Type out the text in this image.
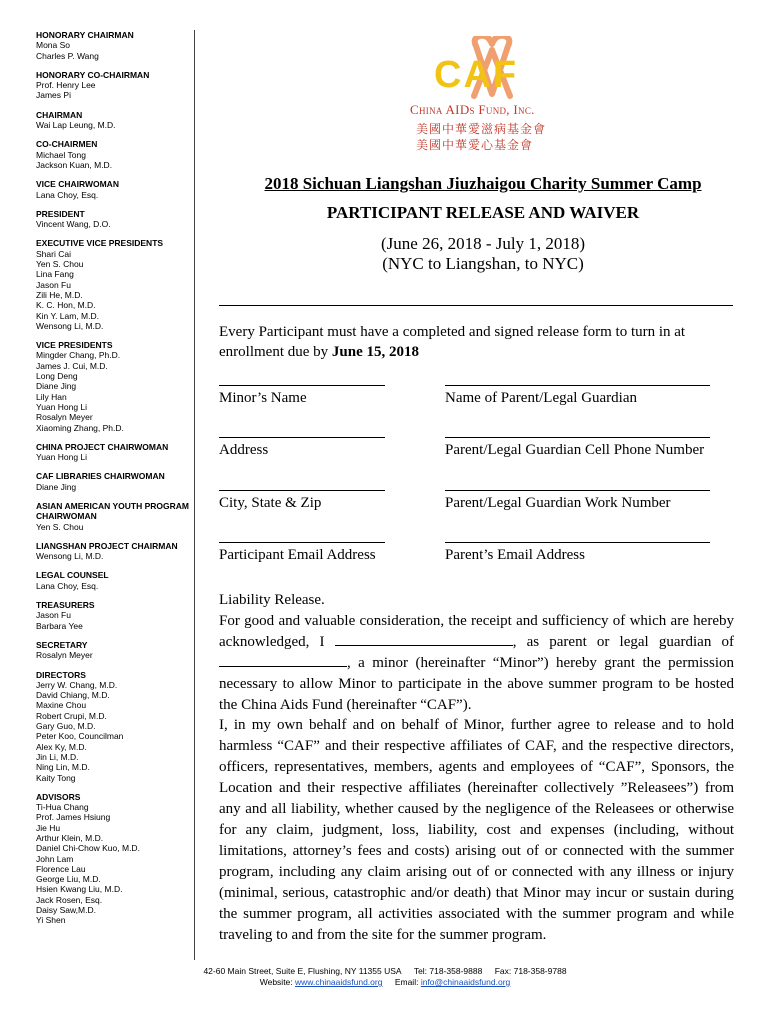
HONORARY CHAIRMAN
Mona So
Charles P. Wang
HONORARY CO-CHAIRMAN
Prof. Henry Lee
James Pi
CHAIRMAN
Wai Lap Leung, M.D.
CO-CHAIRMEN
Michael Tong
Jackson Kuan, M.D.
VICE CHAIRWOMAN
Lana Choy, Esq.
PRESIDENT
Vincent Wang, D.O.
EXECUTIVE VICE PRESIDENTS
Shari Cai
Yen S. Chou
Lina Fang
Jason Fu
Zili He, M.D.
K. C. Hon, M.D.
Kin Y. Lam, M.D.
Wensong Li, M.D.
VICE PRESIDENTS
Mingder Chang, Ph.D.
James J. Cui, M.D.
Long Deng
Diane Jing
Lily Han
Yuan Hong Li
Rosalyn Meyer
Xiaoming Zhang, Ph.D.
CHINA PROJECT CHAIRWOMAN
Yuan Hong Li
CAF LIBRARIES CHAIRWOMAN
Diane Jing
ASIAN AMERICAN YOUTH PROGRAM CHAIRWOMAN
Yen S. Chou
LIANGSHAN PROJECT CHAIRMAN
Wensong Li, M.D.
LEGAL COUNSEL
Lana Choy, Esq.
TREASURERS
Jason Fu
Barbara Yee
SECRETARY
Rosalyn Meyer
DIRECTORS
Jerry W. Chang, M.D.
David Chiang, M.D.
Maxine Chou
Robert Crupi, M.D.
Gary Guo, M.D.
Peter Koo, Councilman
Alex Ky, M.D.
Jin Li, M.D.
Ning Lin, M.D.
Kaity Tong
ADVISORS
Ti-Hua Chang
Prof. James Hsiung
Jie Hu
Arthur Klein, M.D.
Daniel Chi-Chow Kuo, M.D.
John Lam
Florence Lau
George Liu, M.D.
Hsien Kwang Liu, M.D.
Jack Rosen, Esq.
Daisy Saw,M.D.
Yi Shen
CAF
China AIDs Fund, Inc.
美國中華愛滋病基金會
美國中華愛心基金會
2018 Sichuan Liangshan Jiuzhaigou Charity Summer Camp
PARTICIPANT RELEASE AND WAIVER
(June 26, 2018 - July 1, 2018)
(NYC to Liangshan, to NYC)
Every Participant must have a completed and signed release form to turn in at enrollment due by June 15, 2018
Minor’s Name	Name of Parent/Legal Guardian
Address	Parent/Legal Guardian Cell Phone Number
City, State & Zip	Parent/Legal Guardian Work Number
Participant Email Address	Parent’s Email Address

Liability Release.

For good and valuable consideration, the receipt and sufficiency of which are hereby acknowledged, I	, as parent or legal guardian of , a minor (hereinafter “Minor”) hereby grant the permission necessary to allow Minor to participate in the above summer program to be hosted the China Aids Fund (hereinafter “CAF”).

I, in my own behalf and on behalf of Minor, further agree to release and to hold harmless “CAF” and their respective affiliates of CAF, and the respective directors, officers, representatives, members, agents and employees of “CAF”, Sponsors, the Location and their respective affiliates (hereinafter collectively ”Releasees”) from any and all liability, whether caused by the negligence of the Releasees or otherwise for any claim, judgment, loss, liability, cost and expenses (including, without limitations, attorney’s fees and costs) arising out of or connected with the summer program, including any claim arising out of or connected with any illness or injury (minimal, serious, catastrophic and/or death) that Minor may incur or sustain during the summer program, all activities associated with the summer program and while traveling to and from the site for the summer program.

42-60 Main Street, Suite E, Flushing, NY 11355 USA Tel: 718-358-9888 Fax: 718-358-9788
Website: www.chinaaidsfund.org Email: info@chinaaidsfund.org
